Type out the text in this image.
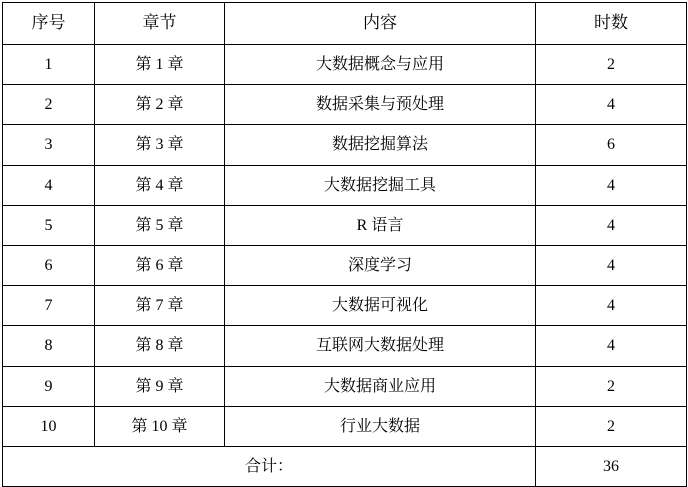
序号	章节	内容	时数
1	第 1 章	大数据概念与应用	2
2	第 2 章	数据采集与预处理	4
3	第 3 章	数据挖掘算法	6
4	第 4 章	大数据挖掘工具	4
5	第 5 章	R 语言	4
6	第 6 章	深度学习	4
7	第 7 章	大数据可视化	4
8	第 8 章	互联网大数据处理	4
9	第 9 章	大数据商业应用	2
10	第 10 章	行业大数据	2
合计：			36
